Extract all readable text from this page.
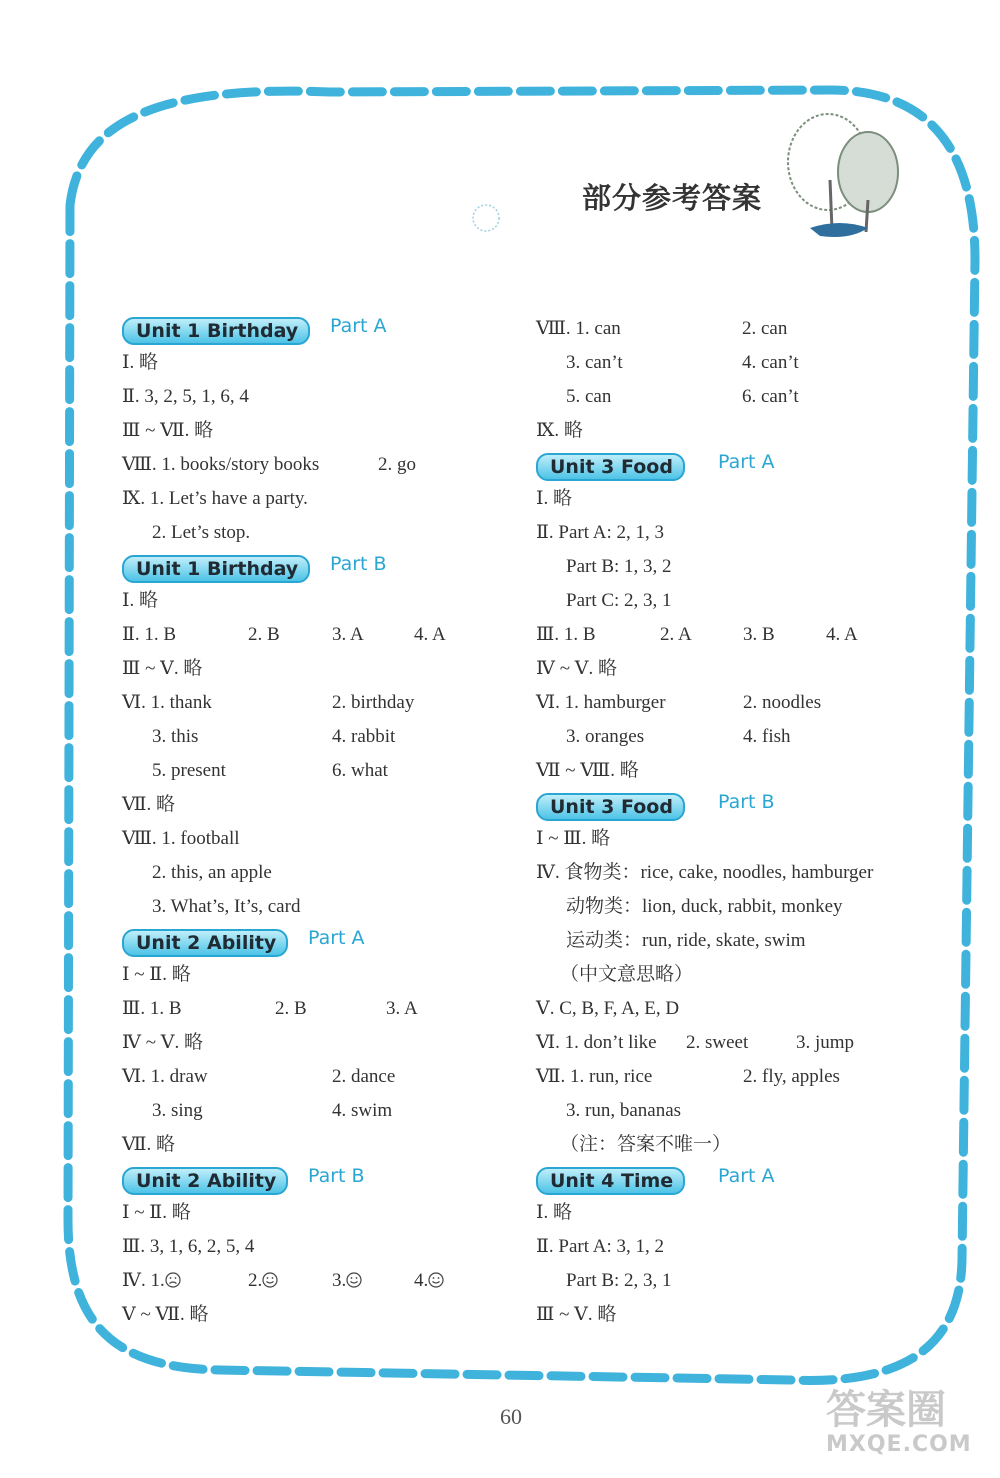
部分参考答案
Unit 1 Birthday	Part A
Ⅰ. 略
Ⅱ. 3, 2, 5, 1, 6, 4
Ⅲ ~ Ⅶ. 略
Ⅷ. 1. books/story books	2. go
Ⅸ. 1. Let’s have a party.
2. Let’s stop.
Unit 1 Birthday	Part B
Ⅰ. 略
Ⅱ. 1. B	2. B	3. A	4. A
Ⅲ ~ Ⅴ. 略
Ⅵ. 1. thank	2. birthday
3. this	4. rabbit
5. present	6. what
Ⅶ. 略
Ⅷ. 1. football
2. this, an apple
3. What’s, It’s, card
Unit 2 Ability	Part A
Ⅰ ~ Ⅱ. 略
Ⅲ. 1. B	2. B	3. A
Ⅳ ~ Ⅴ. 略
Ⅵ. 1. draw	2. dance
3. sing	4. swim
Ⅶ. 略
Unit 2 Ability	Part B
Ⅰ ~ Ⅱ. 略
Ⅲ. 3, 1, 6, 2, 5, 4
Ⅳ. 1.	2.	3.	4.
Ⅴ ~ Ⅶ. 略
Ⅷ. 1. can	2. can
3. can’t	4. can’t
5. can	6. can’t
Ⅸ. 略
Unit 3 Food	Part A
Ⅰ. 略
Ⅱ. Part A: 2, 1, 3
Part B: 1, 3, 2
Part C: 2, 3, 1
Ⅲ. 1. B	2. A	3. B	4. A
Ⅳ ~ Ⅴ. 略
Ⅵ. 1. hamburger	2. noodles
3. oranges	4. fish
Ⅶ ~ Ⅷ. 略
Unit 3 Food	Part B
Ⅰ ~ Ⅲ. 略
Ⅳ. 食物类：rice, cake, noodles, hamburger
动物类：lion, duck, rabbit, monkey
运动类：run, ride, skate, swim
（中文意思略）
Ⅴ. C, B, F, A, E, D
Ⅵ. 1. don’t like 2. sweet	3. jump
Ⅶ. 1. run, rice	2. fly, apples
3. run, bananas
（注：答案不唯一）
Unit 4 Time	Part A
Ⅰ. 略
Ⅱ. Part A: 3, 1, 2
Part B: 2, 3, 1
Ⅲ ~ Ⅴ. 略
60	答案圈
MXQE.COM
